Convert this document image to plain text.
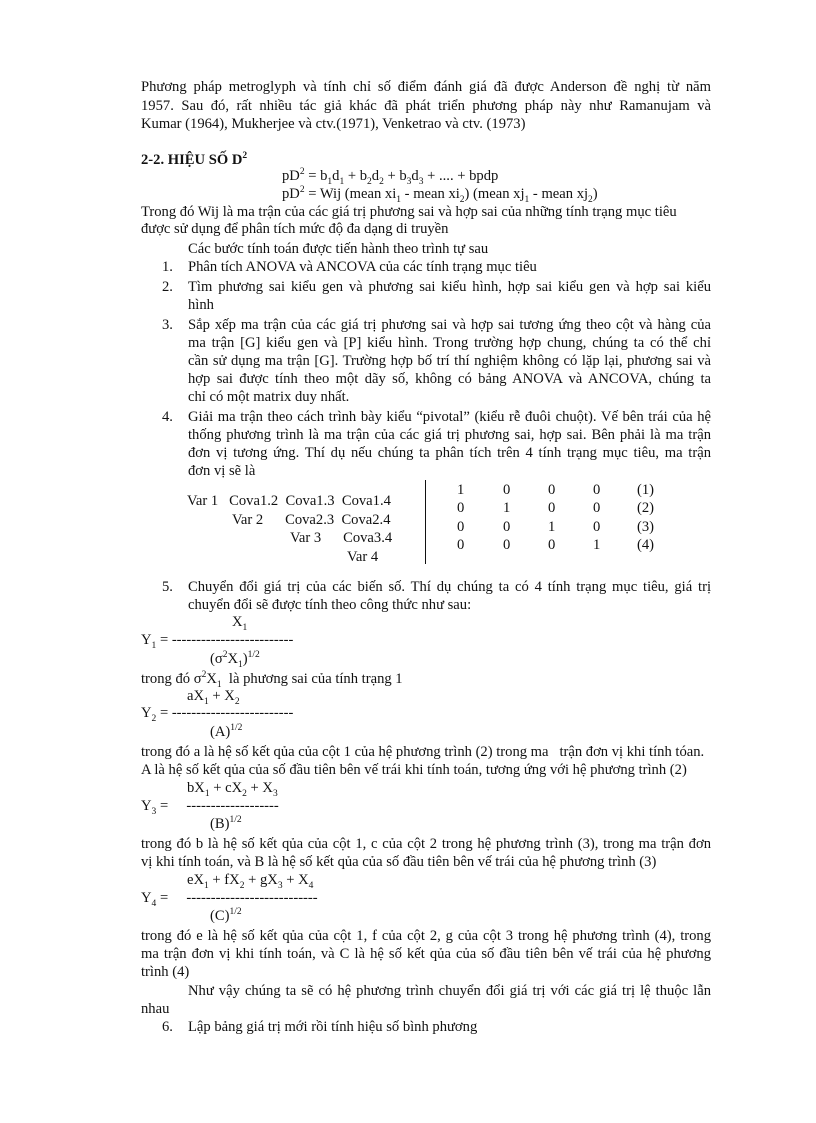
Phương pháp metroglyph và tính chỉ số điểm đánh giá đã được Anderson đề nghị từ năm
1957. Sau đó, rất nhiều tác giả khác đã phát triển phương pháp này như Ramanujam và
Kumar (1964), Mukherjee và ctv.(1971), Venketrao và ctv. (1973)
2-2. HIỆU SỐ $D^2$
$pD^2 = b_1d_1 + b_2d_2 + b_3d_3$ + .... + bpdp
$pD^2$ = Wij (mean $xi_1$ - mean $xi_2$) (mean $xj_1$ - mean $xj_2$)
Trong đó Wij là ma trận của các giá trị phương sai và hợp sai của những tính trạng mục tiêu
được sử dụng để phân tích mức độ đa dạng di truyền
Các bước tính toán được tiến hành theo trình tự sau
1. Phân tích ANOVA và ANCOVA của các tính trạng mục tiêu
2. Tìm phương sai kiểu gen và phương sai kiểu hình, hợp sai kiểu gen và hợp sai kiểu
hình
3. Sắp xếp ma trận của các giá trị phương sai và hợp sai tương ứng theo cột và hàng của
ma trận [G] kiểu gen và [P] kiểu hình. Trong trường hợp chung, chúng ta có thể chỉ
cần sử dụng ma trận [G]. Trường hợp bố trí thí nghiệm không có lặp lại, phương sai và
hợp sai được tính theo một dãy số, không có bảng ANOVA và ANCOVA, chúng ta
chỉ có một matrix duy nhất.
4. Giải ma trận theo cách trình bày kiểu “pivotal” (kiểu rễ đuôi chuột). Vế bên trái của hệ
thống phương trình là ma trận của các giá trị phương sai, hợp sai. Bên phải là ma trận
đơn vị tương ứng. Thí dụ nếu chúng ta phân tích trên 4 tính trạng mục tiêu, ma trận
đơn vị sẽ là
Var 1   Cova1.2  Cova1.3  Cova1.4
Var 2      Cova2.3  Cova2.4
Var 3      Cova3.4
Var 4
1	0	0	0	(1)
0	1	0	0	(2)
0	0	1	0	(3)
0	0	0	1	(4)
5. Chuyển đổi giá trị của các biến số. Thí dụ chúng ta có 4 tính trạng mục tiêu, giá trị
chuyển đổi sẽ được tính theo công thức như sau:
$X_1$
$Y_1$ = -------------------------
$(\sigma^2X_1)^{1/2}$
trong đó $\sigma^2X_1$  là phương sai của tính trạng 1
$aX_1 + X_2$
$Y_2$ = -------------------------
$(A)^{1/2}$
trong đó a là hệ số kết qủa của cột 1 của hệ phương trình (2) trong ma   trận đơn vị khi tính tóan.
A là hệ số kết qủa của số đầu tiên bên vế trái khi tính toán, tương ứng với hệ phương trình (2)
$bX_1 + cX_2 + X_3$
$Y_3$ =     -------------------
$(B)^{1/2}$
trong đó b là hệ số kết qủa của cột 1, c của cột 2 trong hệ phương trình (3), trong ma trận đơn
vị khi tính toán, và B là hệ số kết qủa của số đầu tiên bên vế trái của hệ phương trình (3)
$eX_1 + fX_2 + gX_3 + X_4$
$Y_4$ =     ---------------------------
$(C)^{1/2}$
trong đó e là hệ số kết qủa của cột 1, f của cột 2, g của cột 3 trong hệ phương trình (4), trong
ma trận đơn vị khi tính toán, và C là hệ số kết qủa của số đầu tiên bên vế trái của hệ phương
trình (4)
Như vậy chúng ta sẽ có hệ phương trình chuyển đổi giá trị với các giá trị lệ thuộc lẫn
nhau
6. Lập bảng giá trị mới rồi tính hiệu số bình phương
